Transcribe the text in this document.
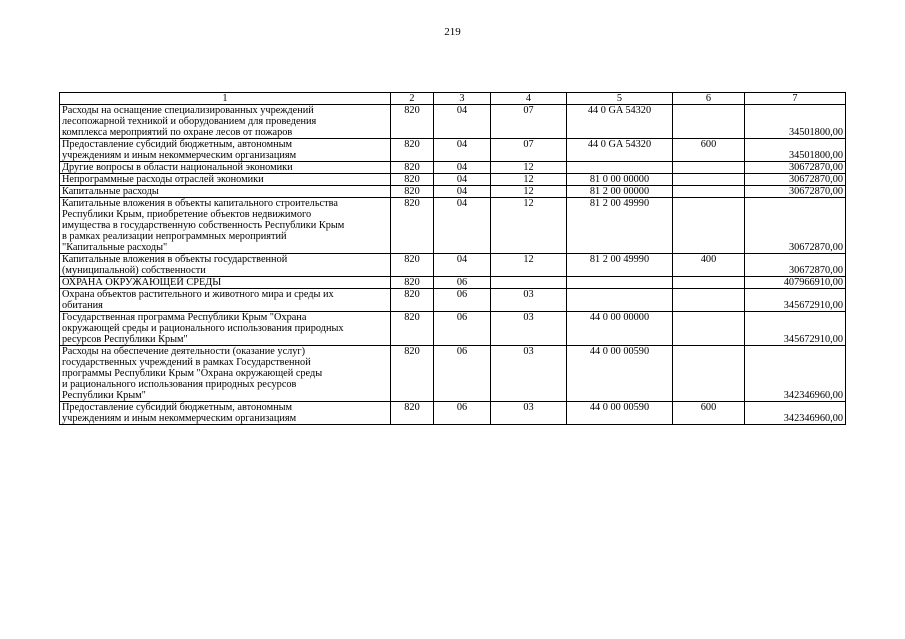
219
1	2	3	4	5	6	7
Расходы на оснащение специализированных учреждений
лесопожарной техникой и оборудованием для проведения
комплекса мероприятий по охране лесов от пожаров	820	04	07	44 0 GA 54320		34501800,00
Предоставление субсидий бюджетным, автономным
учреждениям и иным некоммерческим организациям	820	04	07	44 0 GA 54320	600	34501800,00
Другие вопросы в области национальной экономики	820	04	12			30672870,00
Непрограммные расходы отраслей экономики	820	04	12	81 0 00 00000		30672870,00
Капитальные расходы	820	04	12	81 2 00 00000		30672870,00
Капитальные вложения в объекты капитального строительства
Республики Крым, приобретение объектов недвижимого
имущества в государственную собственность Республики Крым
в рамках реализации непрограммных мероприятий
"Капитальные расходы"	820	04	12	81 2 00 49990		30672870,00
Капитальные вложения в объекты государственной
(муниципальной) собственности	820	04	12	81 2 00 49990	400	30672870,00
ОХРАНА ОКРУЖАЮЩЕЙ СРЕДЫ	820	06				407966910,00
Охрана объектов растительного и животного мира и среды их
обитания	820	06	03			345672910,00
Государственная программа Республики Крым "Охрана
окружающей среды и рационального использования природных
ресурсов Республики Крым"	820	06	03	44 0 00 00000		345672910,00
Расходы на обеспечение деятельности (оказание услуг)
государственных учреждений в рамках Государственной
программы Республики Крым "Охрана окружающей среды
и рационального использования природных ресурсов
Республики Крым"	820	06	03	44 0 00 00590		342346960,00
Предоставление субсидий бюджетным, автономным
учреждениям и иным некоммерческим организациям	820	06	03	44 0 00 00590	600	342346960,00
